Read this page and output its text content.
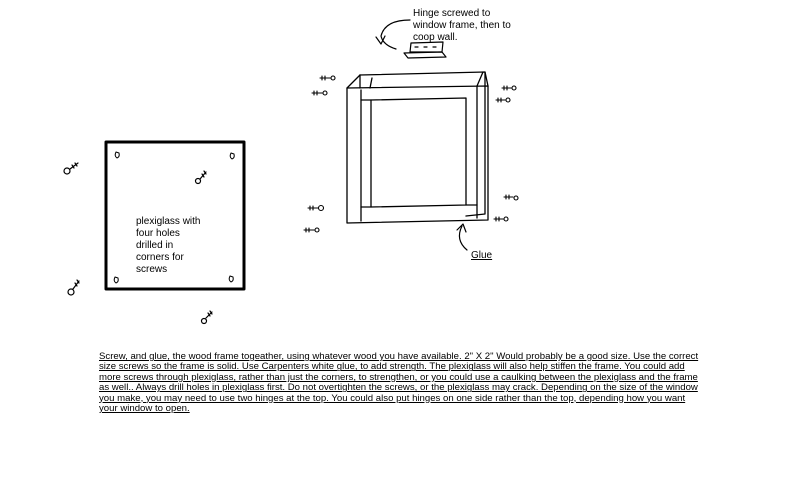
Hinge screwed to
window frame, then to
coop wall.
plexiglass with
four holes
drilled in
corners for
screws
Glue
Screw, and glue, the wood frame togeather, using whatever wood you have available. 2" X 2" Would probably be a good size. Use the correct size screws so the frame is solid. Use Carpenters white glue, to add strength. The plexiglass will also help stiffen the frame. You could add more screws through plexiglass, rather than just the corners, to strengthen, or you could use a caulking between the plexiglass and the frame as well.. Always drill holes in plexiglass first. Do not overtighten the screws, or the plexiglass may crack. Depending on the size of the window you make, you may need to use two hinges at the top. You could also put hinges on one side rather than the top, depending how you want your window to open.
